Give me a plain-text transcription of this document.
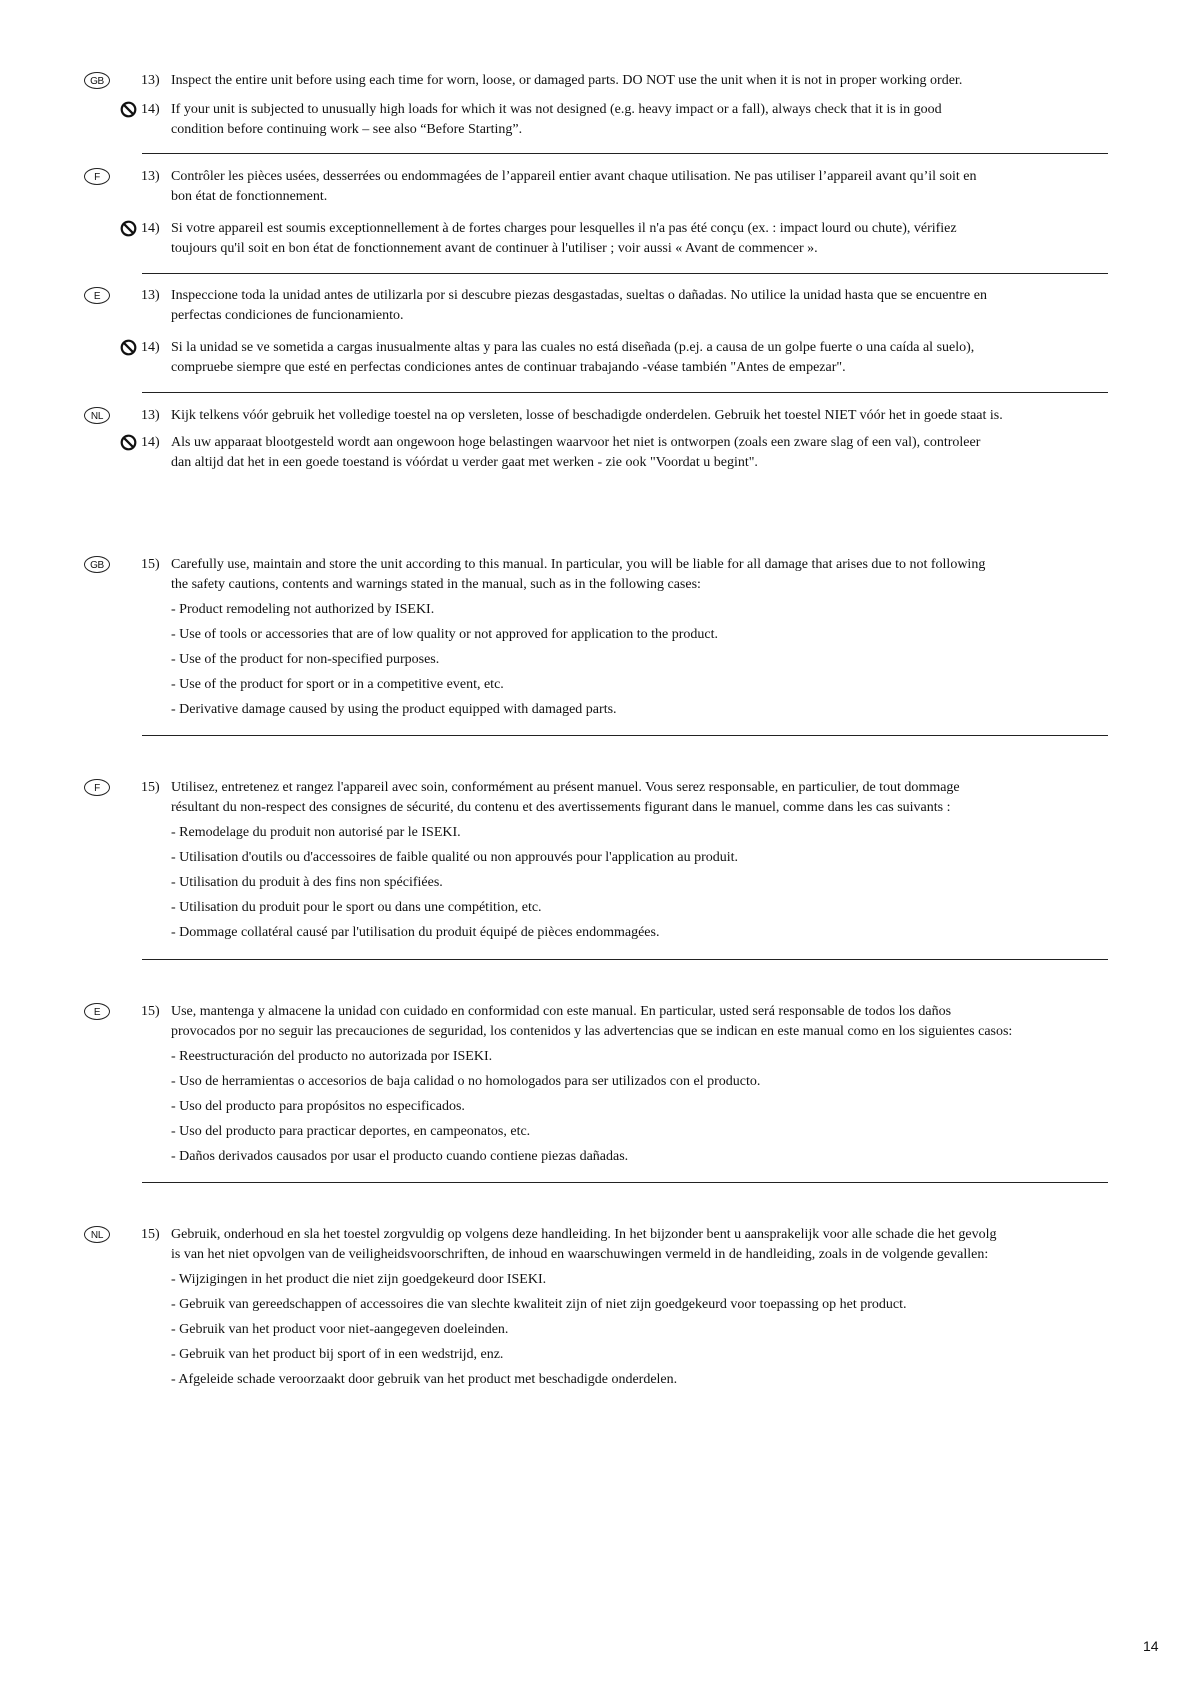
GB	13) Inspect the entire unit before using each time for worn, loose, or damaged parts. DO NOT use the unit when it is not in proper working order.
14) If your unit is subjected to unusually high loads for which it was not designed (e.g. heavy impact or a fall), always check that it is in good
condition before continuing work – see also “Before Starting”.
F	13) Contrôler les pièces usées, desserrées ou endommagées de l’appareil entier avant chaque utilisation. Ne pas utiliser l’appareil avant qu’il soit en
bon état de fonctionnement.
14) Si votre appareil est soumis exceptionnellement à de fortes charges pour lesquelles il n'a pas été conçu (ex. : impact lourd ou chute), vérifiez
toujours qu'il soit en bon état de fonctionnement avant de continuer à l'utiliser ; voir aussi « Avant de commencer ».
E	13) Inspeccione toda la unidad antes de utilizarla por si descubre piezas desgastadas, sueltas o dañadas. No utilice la unidad hasta que se encuentre en
perfectas condiciones de funcionamiento.
14) Si la unidad se ve sometida a cargas inusualmente altas y para las cuales no está diseñada (p.ej. a causa de un golpe fuerte o una caída al suelo),
compruebe siempre que esté en perfectas condiciones antes de continuar trabajando -véase también "Antes de empezar".
NL	13) Kijk telkens vóór gebruik het volledige toestel na op versleten, losse of beschadigde onderdelen. Gebruik het toestel NIET vóór het in goede staat is.
14) Als uw apparaat blootgesteld wordt aan ongewoon hoge belastingen waarvoor het niet is ontworpen (zoals een zware slag of een val), controleer
dan altijd dat het in een goede toestand is vóórdat u verder gaat met werken - zie ook "Voordat u begint".
GB	15) Carefully use, maintain and store the unit according to this manual. In particular, you will be liable for all damage that arises due to not following
the safety cautions, contents and warnings stated in the manual, such as in the following cases:
- Product remodeling not authorized by ISEKI.
- Use of tools or accessories that are of low quality or not approved for application to the product.
- Use of the product for non-specified purposes.
- Use of the product for sport or in a competitive event, etc.
- Derivative damage caused by using the product equipped with damaged parts.
F	15) Utilisez, entretenez et rangez l'appareil avec soin, conformément au présent manuel. Vous serez responsable, en particulier, de tout dommage
résultant du non-respect des consignes de sécurité, du contenu et des avertissements figurant dans le manuel, comme dans les cas suivants :
- Remodelage du produit non autorisé par le ISEKI.
- Utilisation d'outils ou d'accessoires de faible qualité ou non approuvés pour l'application au produit.
- Utilisation du produit à des fins non spécifiées.
- Utilisation du produit pour le sport ou dans une compétition, etc.
- Dommage collatéral causé par l'utilisation du produit équipé de pièces endommagées.
E	15) Use, mantenga y almacene la unidad con cuidado en conformidad con este manual. En particular, usted será responsable de todos los daños
provocados por no seguir las precauciones de seguridad, los contenidos y las advertencias que se indican en este manual como en los siguientes casos:
- Reestructuración del producto no autorizada por ISEKI.
- Uso de herramientas o accesorios de baja calidad o no homologados para ser utilizados con el producto.
- Uso del producto para propósitos no especificados.
- Uso del producto para practicar deportes, en campeonatos, etc.
- Daños derivados causados por usar el producto cuando contiene piezas dañadas.
NL	15) Gebruik, onderhoud en sla het toestel zorgvuldig op volgens deze handleiding. In het bijzonder bent u aansprakelijk voor alle schade die het gevolg
is van het niet opvolgen van de veiligheidsvoorschriften, de inhoud en waarschuwingen vermeld in de handleiding, zoals in de volgende gevallen:
- Wijzigingen in het product die niet zijn goedgekeurd door ISEKI.
- Gebruik van gereedschappen of accessoires die van slechte kwaliteit zijn of niet zijn goedgekeurd voor toepassing op het product.
- Gebruik van het product voor niet-aangegeven doeleinden.
- Gebruik van het product bij sport of in een wedstrijd, enz.
- Afgeleide schade veroorzaakt door gebruik van het product met beschadigde onderdelen.
14
